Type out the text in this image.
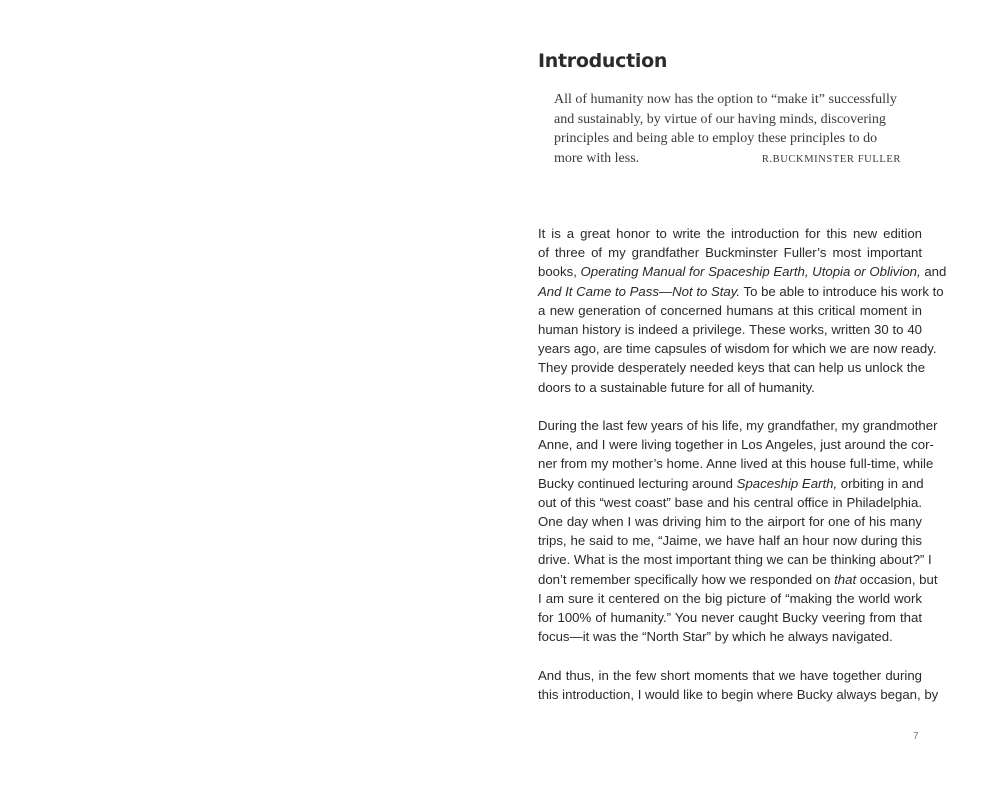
Introduction
All of humanity now has the option to “make it” successfully
and sustainably, by virtue of our having minds, discovering
principles and being able to employ these principles to do
more with less.	R.BUCKMINSTER FULLER

It is a great honor to write the introduction for this new edition
of three of my grandfather Buckminster Fuller’s most important
books, Operating Manual for Spaceship Earth, Utopia or Oblivion, and
And It Came to Pass—Not to Stay. To be able to introduce his work to
a new generation of concerned humans at this critical moment in
human history is indeed a privilege. These works, written 30 to 40
years ago, are time capsules of wisdom for which we are now ready.
They provide desperately needed keys that can help us unlock the
doors to a sustainable future for all of humanity.

During the last few years of his life, my grandfather, my grandmother
Anne, and I were living together in Los Angeles, just around the cor-
ner from my mother’s home. Anne lived at this house full-time, while
Bucky continued lecturing around Spaceship Earth, orbiting in and
out of this “west coast” base and his central office in Philadelphia.
One day when I was driving him to the airport for one of his many
trips, he said to me, “Jaime, we have half an hour now during this
drive. What is the most important thing we can be thinking about?” I
don’t remember specifically how we responded on that occasion, but
I am sure it centered on the big picture of “making the world work
for 100% of humanity.” You never caught Bucky veering from that
focus—it was the “North Star” by which he always navigated.

And thus, in the few short moments that we have together during
this introduction, I would like to begin where Bucky always began, by

7
